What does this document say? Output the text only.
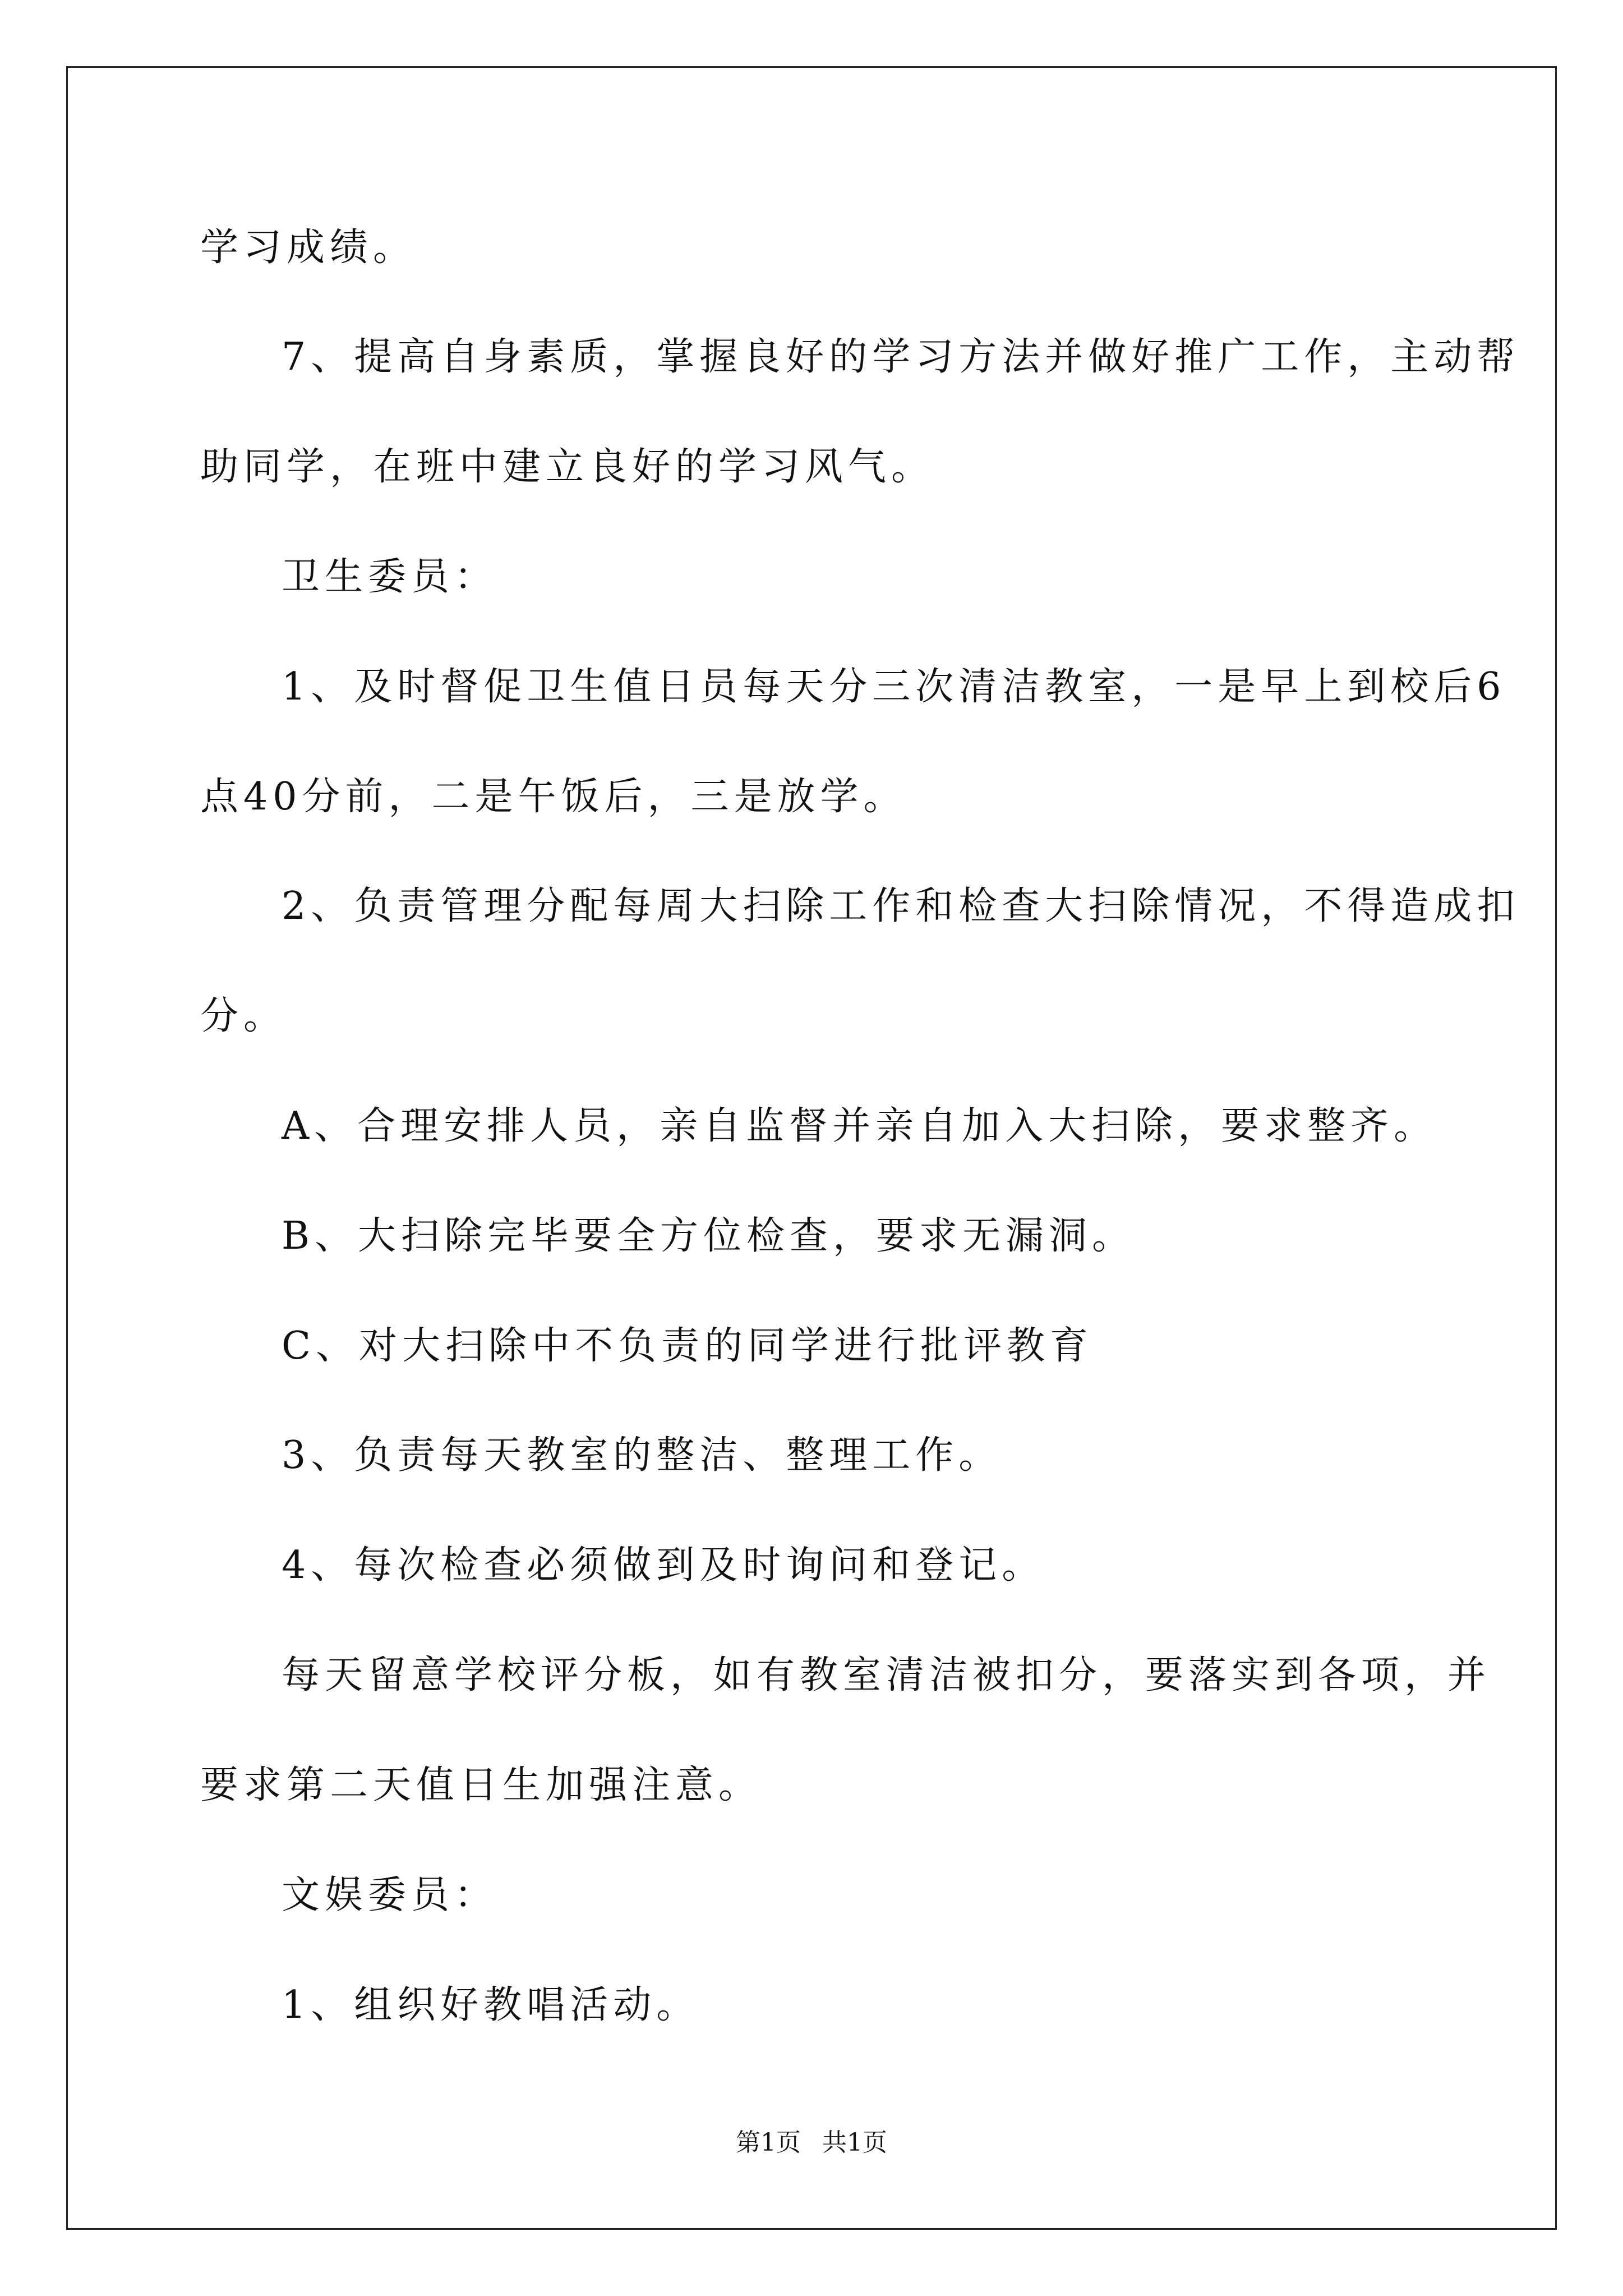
学习成绩。
7、提高自身素质，掌握良好的学习方法并做好推广工作，主动帮
助同学，在班中建立良好的学习风气。
卫生委员：
1、及时督促卫生值日员每天分三次清洁教室，一是早上到校后6
点40分前，二是午饭后，三是放学。
2、负责管理分配每周大扫除工作和检查大扫除情况，不得造成扣
分。
A、合理安排人员，亲自监督并亲自加入大扫除，要求整齐。
B、大扫除完毕要全方位检查，要求无漏洞。
C、对大扫除中不负责的同学进行批评教育
3、负责每天教室的整洁、整理工作。
4、每次检查必须做到及时询问和登记。
每天留意学校评分板，如有教室清洁被扣分，要落实到各项，并
要求第二天值日生加强注意。
文娱委员：
1、组织好教唱活动。
第1页 共1页
